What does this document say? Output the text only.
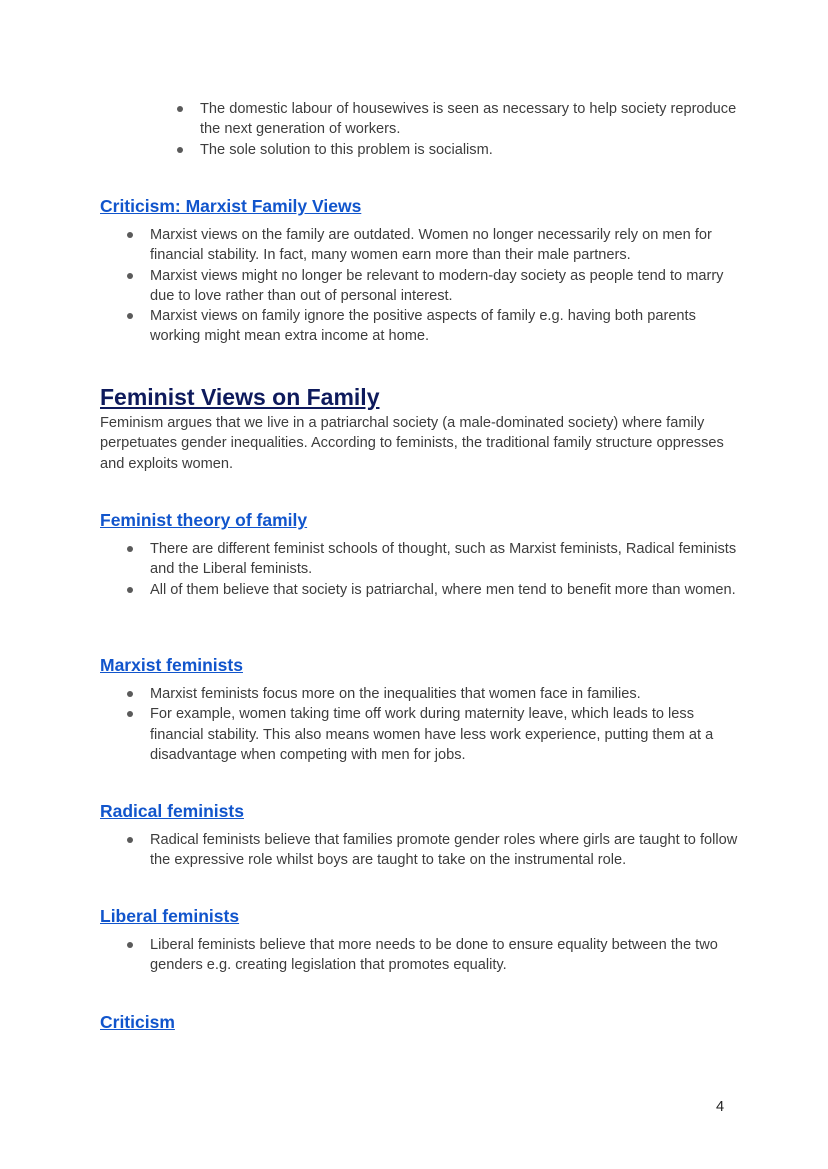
The domestic labour of housewives is seen as necessary to help society reproduce the next generation of workers.
The sole solution to this problem is socialism.
Criticism: Marxist Family Views
Marxist views on the family are outdated. Women no longer necessarily rely on men for financial stability. In fact, many women earn more than their male partners.
Marxist views might no longer be relevant to modern-day society as people tend to marry due to love rather than out of personal interest.
Marxist views on family ignore the positive aspects of family e.g. having both parents working might mean extra income at home.
Feminist Views on Family

Feminism argues that we live in a patriarchal society (a male-dominated society) where family perpetuates gender inequalities. According to feminists, the traditional family structure oppresses and exploits women.

Feminist theory of family
There are different feminist schools of thought, such as Marxist feminists, Radical feminists and the Liberal feminists.
All of them believe that society is patriarchal, where men tend to benefit more than women.
Marxist feminists
Marxist feminists focus more on the inequalities that women face in families.
For example, women taking time off work during maternity leave, which leads to less financial stability. This also means women have less work experience, putting them at a disadvantage when competing with men for jobs.
Radical feminists
Radical feminists believe that families promote gender roles where girls are taught to follow the expressive role whilst boys are taught to take on the instrumental role.
Liberal feminists
Liberal feminists believe that more needs to be done to ensure equality between the two genders e.g. creating legislation that promotes equality.
Criticism
4
